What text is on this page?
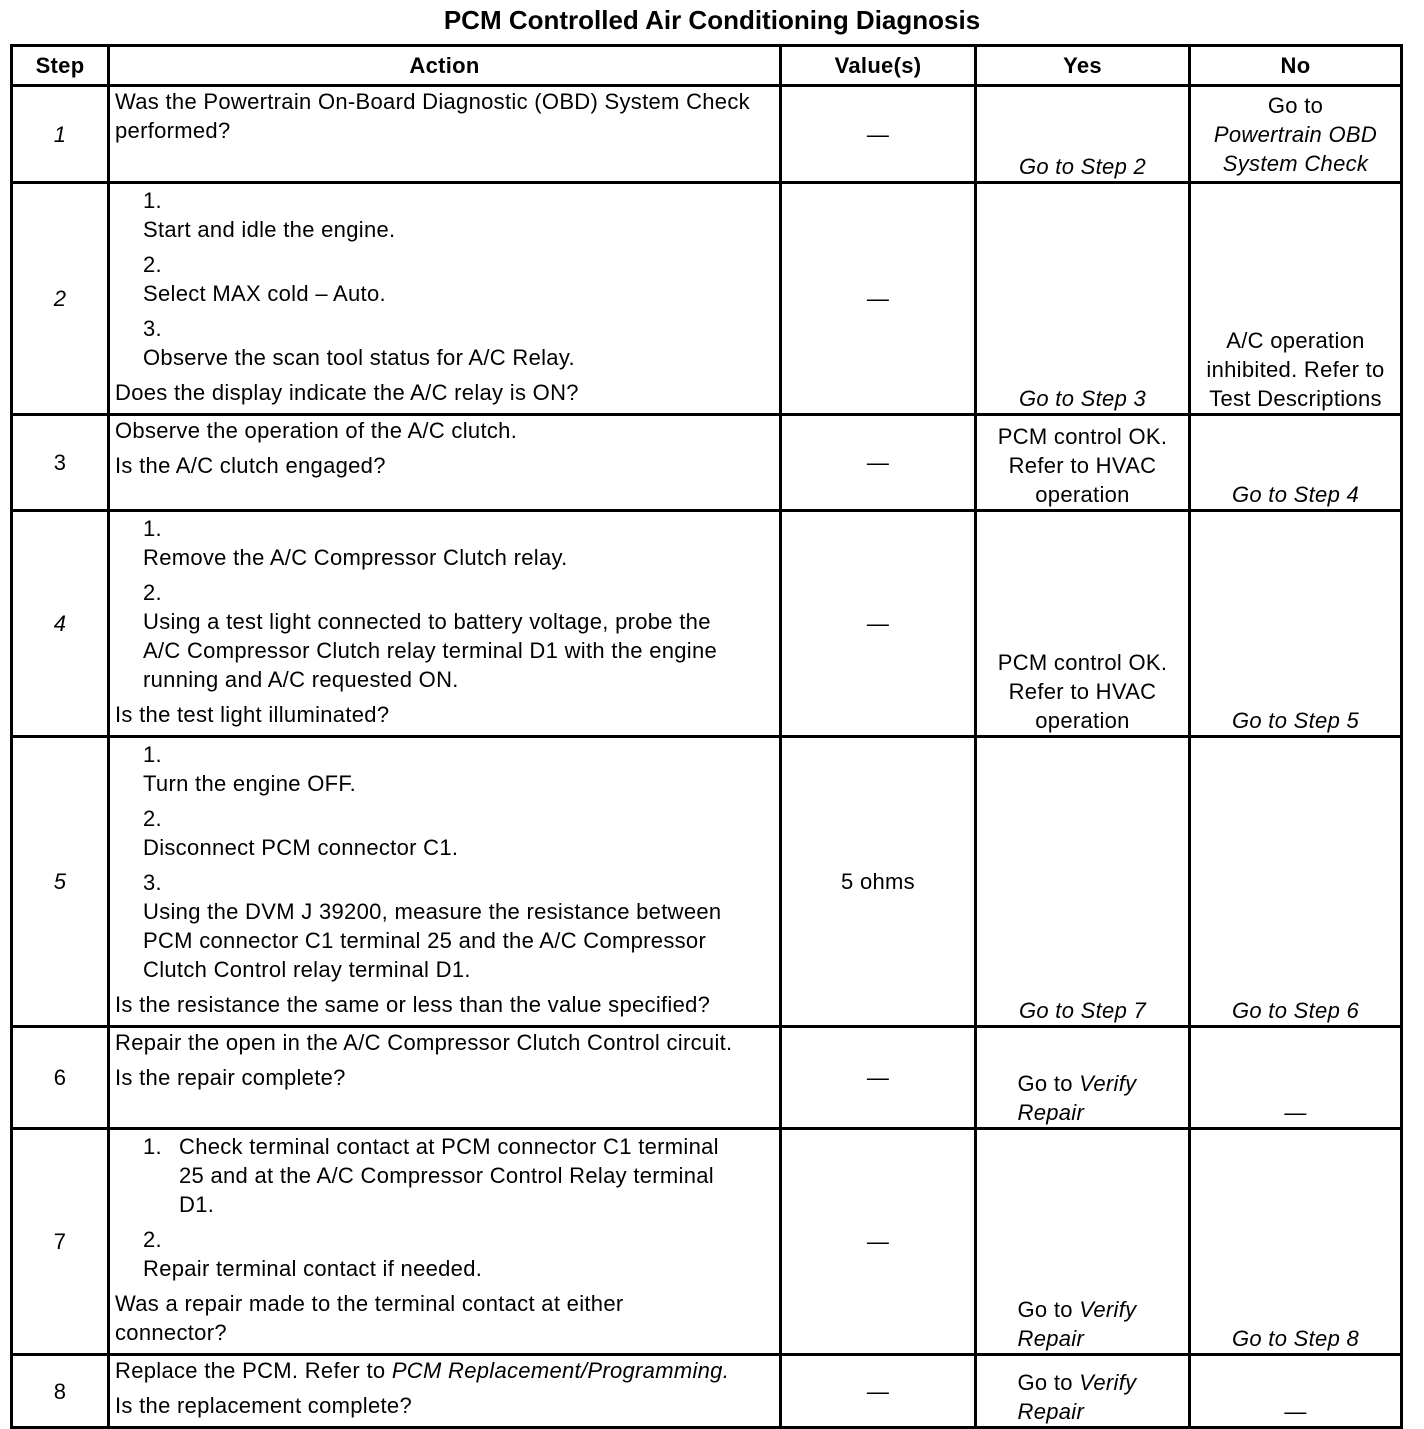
PCM Controlled Air Conditioning Diagnosis
Step	Action	Value(s)	Yes	No
1	Was the Powertrain On-Board Diagnostic (OBD) System Check performed?	—	Go to Step 2	Go to
Powertrain OBD
System Check

2	1.Start and idle the engine.
2.Select MAX cold – Auto.
3.Observe the scan tool status for A/C Relay.
Does the display indicate the A/C relay is ON?	—	Go to Step 3	A/C operation inhibited. Refer to Test Descriptions
3	Observe the operation of the A/C clutch.
Is the A/C clutch engaged?	—	PCM control OK. Refer to HVAC operation	Go to Step 4
4	1.Remove the A/C Compressor Clutch relay.
2.Using a test light connected to battery voltage, probe the A/C Compressor Clutch relay terminal D1 with the engine running and A/C requested ON.
Is the test light illuminated?	—	PCM control OK. Refer to HVAC operation	Go to Step 5
5	1.Turn the engine OFF.
2.Disconnect PCM connector C1.
3.Using the DVM J 39200, measure the resistance between PCM connector C1 terminal 25 and the A/C Compressor Clutch Control relay terminal D1.
Is the resistance the same or less than the value specified?	5 ohms	Go to Step 7	Go to Step 6
6	Repair the open in the A/C Compressor Clutch Control circuit.
Is the repair complete?	—	Go to Verify Repair	—
7	1. Check terminal contact at PCM connector C1 terminal 25 and at the A/C Compressor Control Relay terminal D1.
2.Repair terminal contact if needed.
Was a repair made to the terminal contact at either connector?	—	Go to Verify Repair	Go to Step 8
8	Replace the PCM. Refer to PCM Replacement/Programming.
Is the replacement complete?	—	Go to Verify Repair	—
